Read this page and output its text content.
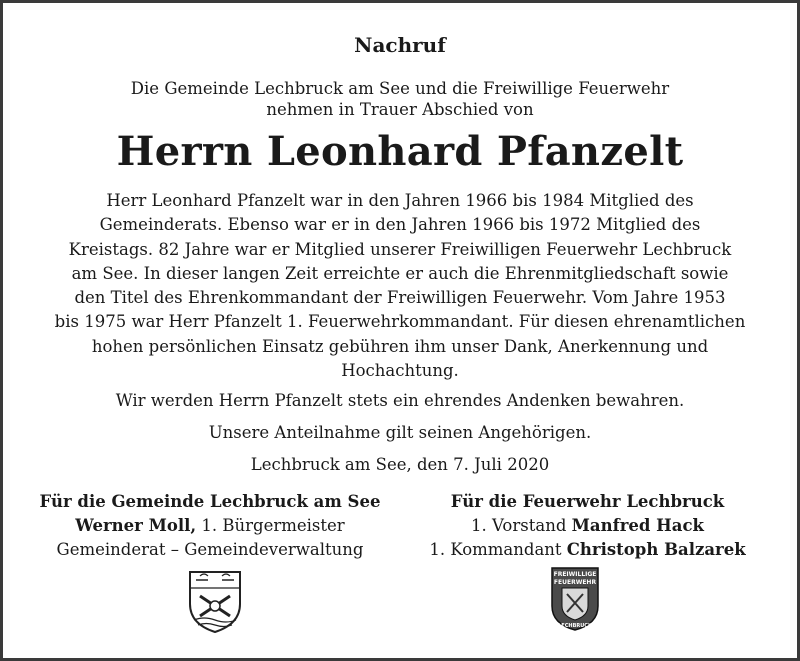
Nachruf
Die Gemeinde Lechbruck am See und die Freiwillige Feuerwehr
nehmen in Trauer Abschied von
Herrn Leonhard Pfanzelt
Herr Leonhard Pfanzelt war in den Jahren 1966 bis 1984 Mitglied des
Gemeinderats. Ebenso war er in den Jahren 1966 bis 1972 Mitglied des
Kreistags. 82 Jahre war er Mitglied unserer Freiwilligen Feuerwehr Lechbruck
am See. In dieser langen Zeit erreichte er auch die Ehrenmitgliedschaft sowie
den Titel des Ehrenkommandant der Freiwilligen Feuerwehr. Vom Jahre 1953
bis 1975 war Herr Pfanzelt 1. Feuerwehrkommandant. Für diesen ehrenamtlichen
hohen persönlichen Einsatz gebühren ihm unser Dank, Anerkennung und
Hochachtung.
Wir werden Herrn Pfanzelt stets ein ehrendes Andenken bewahren.
Unsere Anteilnahme gilt seinen Angehörigen.
Lechbruck am See, den 7. Juli 2020
Für die Gemeinde Lechbruck am See
Werner Moll, 1. Bürgermeister
Gemeinderat – Gemeindeverwaltung
Für die Feuerwehr Lechbruck
1. Vorstand Manfred Hack
1. Kommandant Christoph Balzarek
FREIWILLIGE
FEUERWEHR
LECHBRUCK
